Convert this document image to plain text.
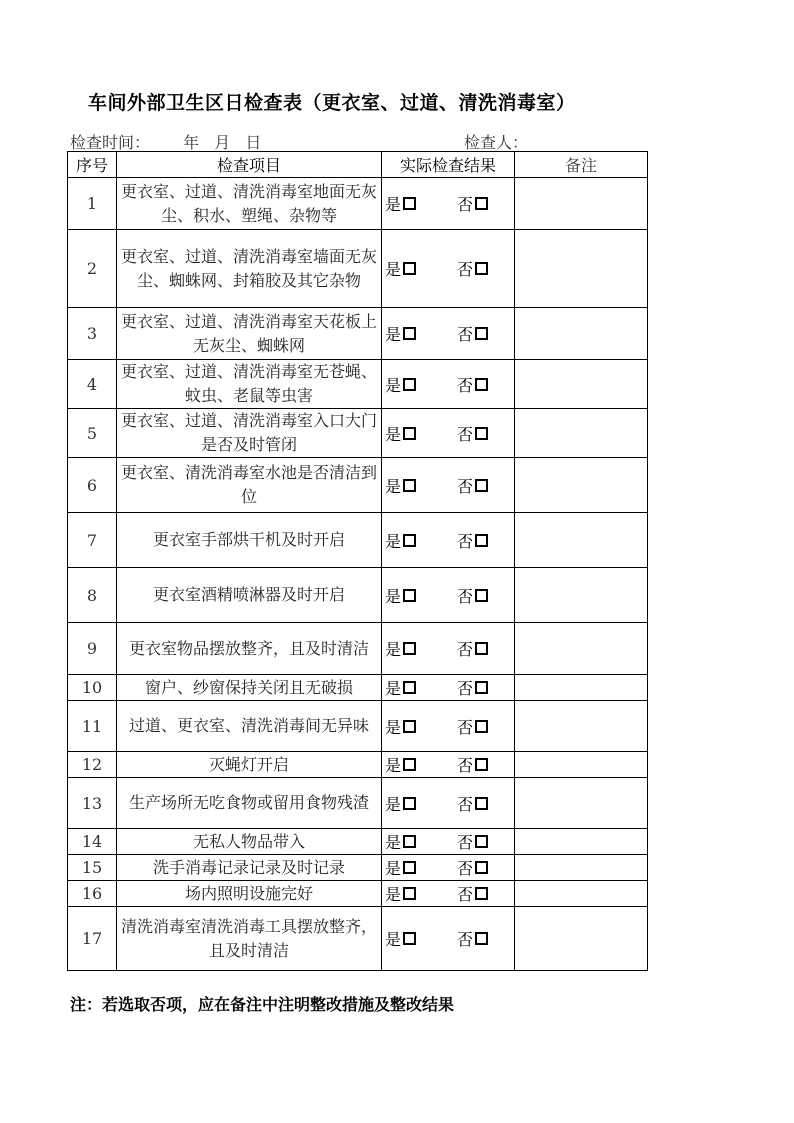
车间外部卫生区日检查表（更衣室、过道、清洗消毒室）
检查时间： 年 月 日	检查人：
序号	检查项目	实际检查结果	备注
1	更衣室、过道、清洗消毒室地面无灰尘、积水、塑绳、杂物等	是 否	
2	更衣室、过道、清洗消毒室墙面无灰尘、蜘蛛网、封箱胶及其它杂物	是 否	
3	更衣室、过道、清洗消毒室天花板上无灰尘、蜘蛛网	是 否	
4	更衣室、过道、清洗消毒室无苍蝇、蚊虫、老鼠等虫害	是 否	
5	更衣室、过道、清洗消毒室入口大门是否及时管闭	是 否	
6	更衣室、清洗消毒室水池是否清洁到位	是 否	
7	更衣室手部烘干机及时开启	是 否	
8	更衣室酒精喷淋器及时开启	是 否	
9	更衣室物品摆放整齐，且及时清洁	是 否	
10	窗户、纱窗保持关闭且无破损	是 否	
11	过道、更衣室、清洗消毒间无异味	是 否	
12	灭蝇灯开启	是 否	
13	生产场所无吃食物或留用食物残渣	是 否	
14	无私人物品带入	是 否	
15	洗手消毒记录记录及时记录	是 否	
16	场内照明设施完好	是 否	
17	清洗消毒室清洗消毒工具摆放整齐，且及时清洁	是 否	
注：若选取否项，应在备注中注明整改措施及整改结果
